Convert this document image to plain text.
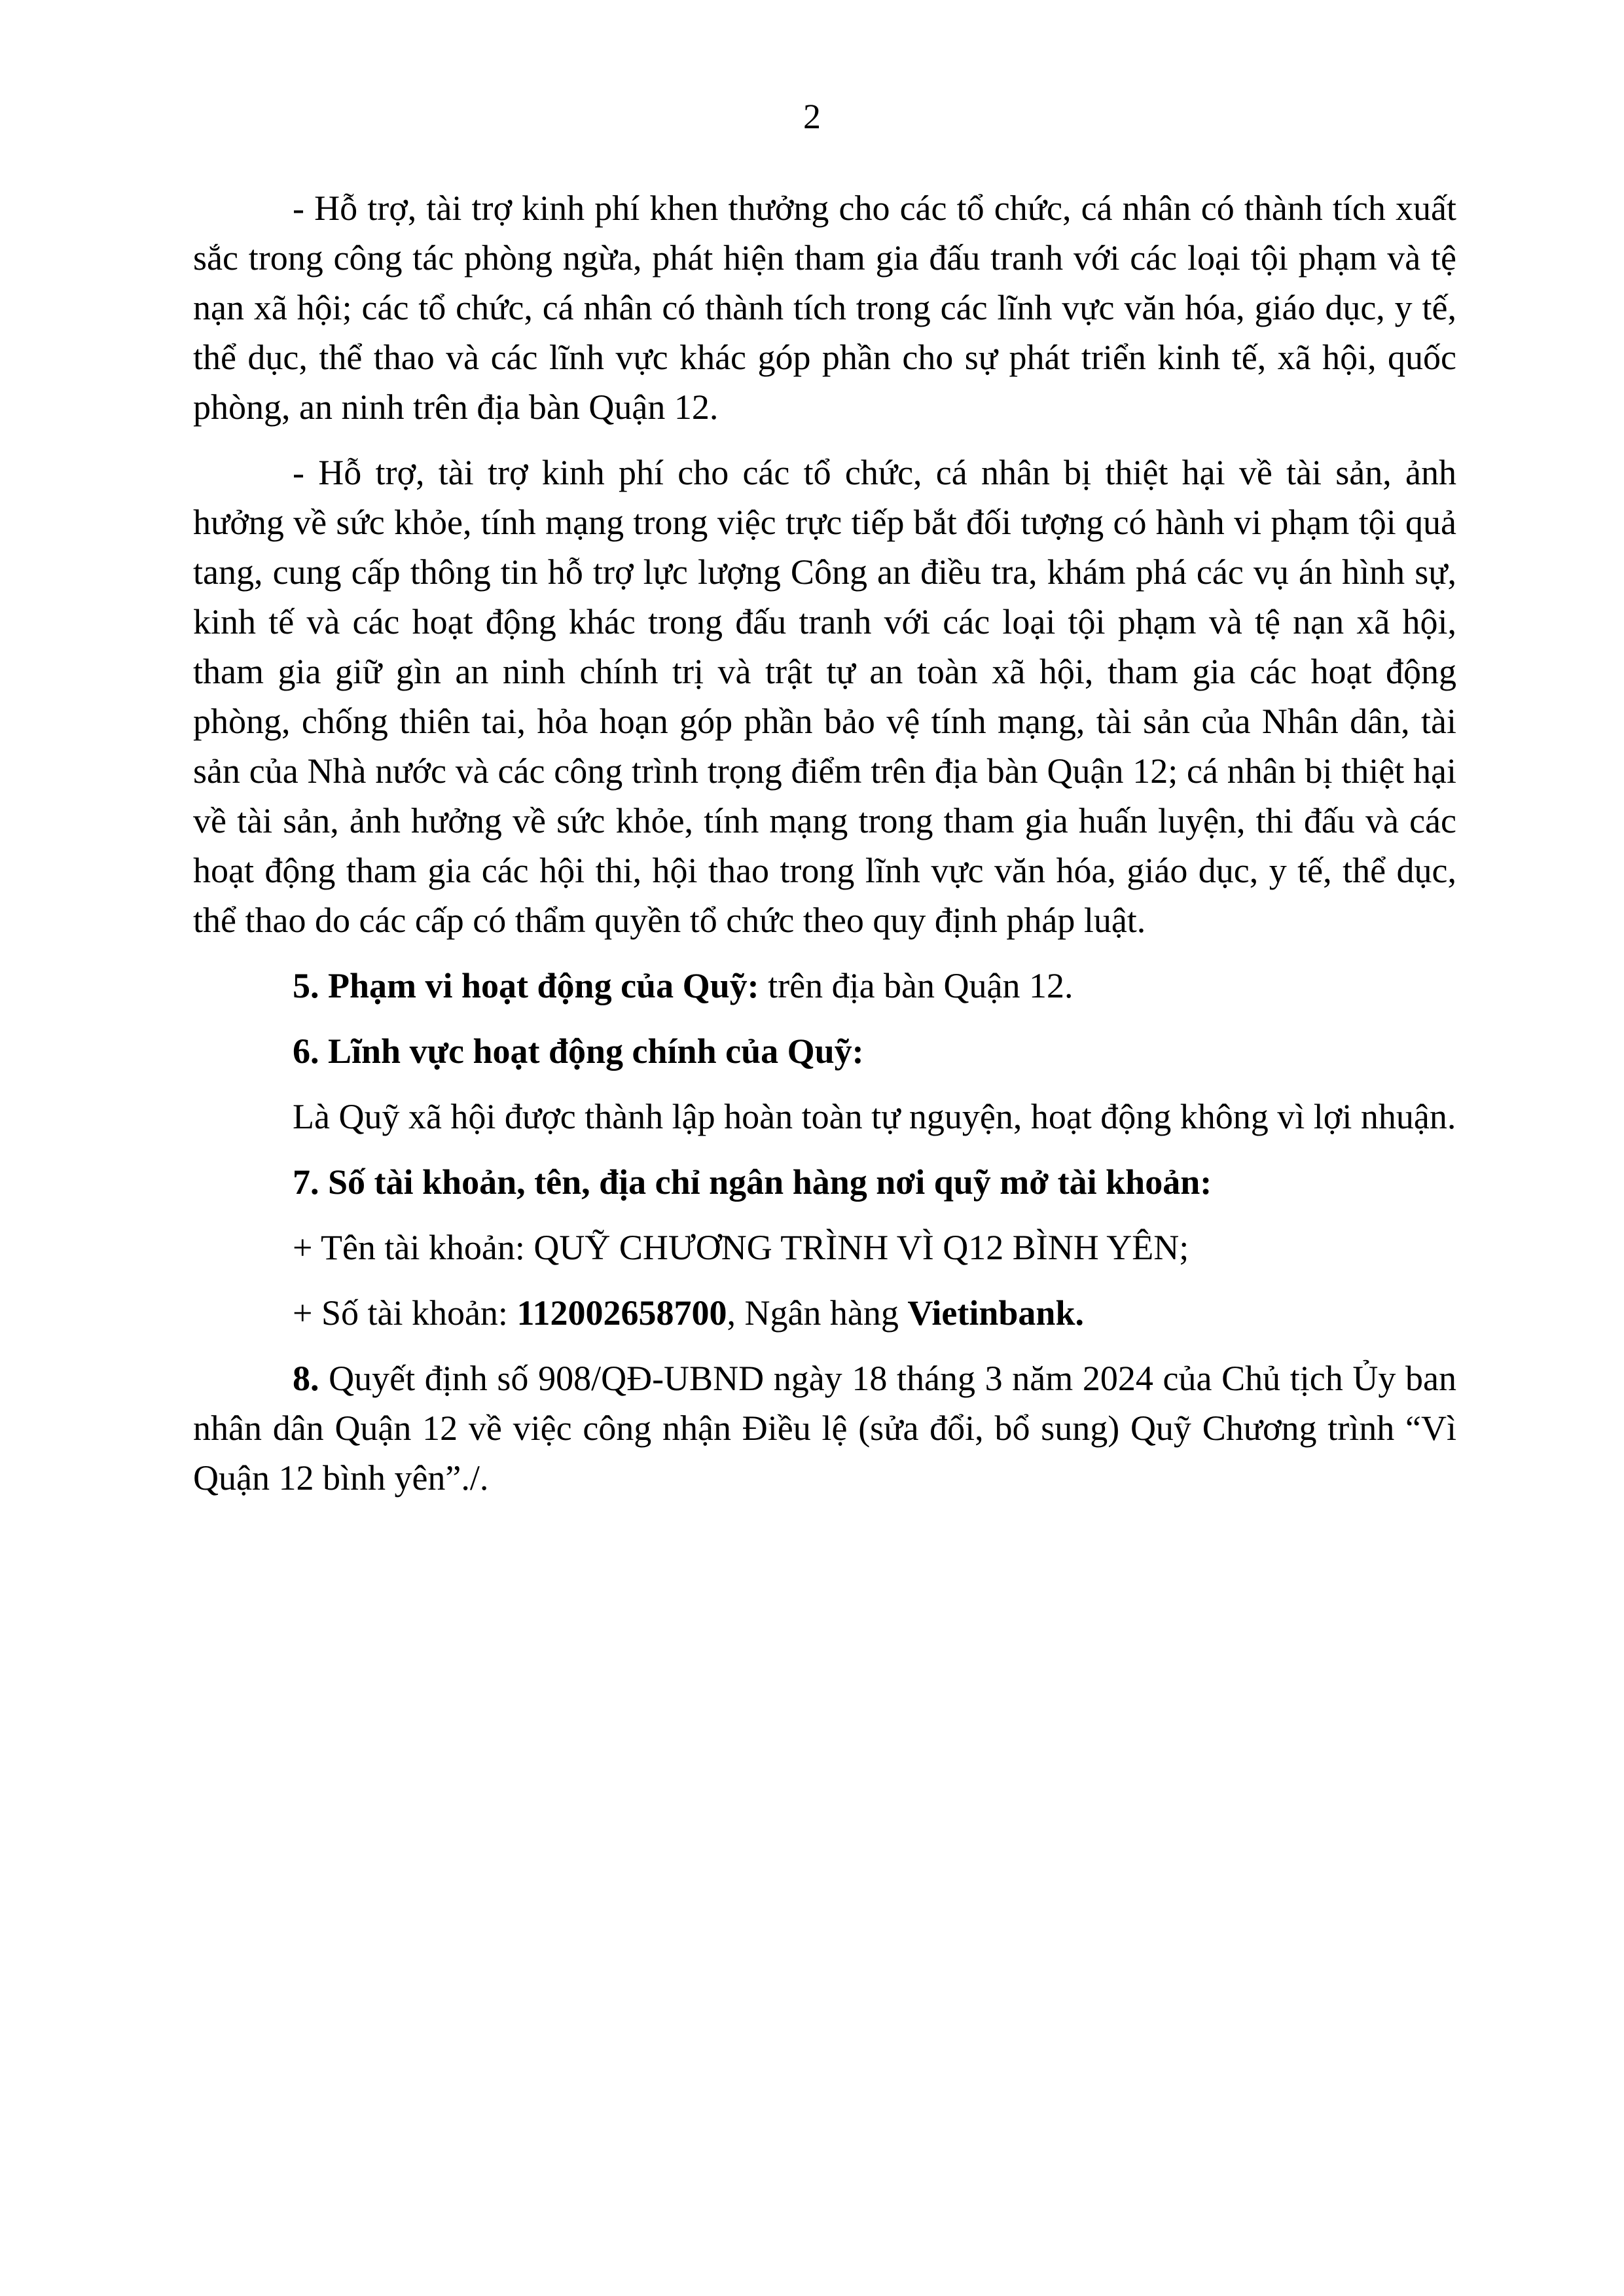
2

- Hỗ trợ, tài trợ kinh phí khen thưởng cho các tổ chức, cá nhân có thành tích xuất sắc trong công tác phòng ngừa, phát hiện tham gia đấu tranh với các loại tội phạm và tệ nạn xã hội; các tổ chức, cá nhân có thành tích trong các lĩnh vực văn hóa, giáo dục, y tế, thể dục, thể thao và các lĩnh vực khác góp phần cho sự phát triển kinh tế, xã hội, quốc phòng, an ninh trên địa bàn Quận 12.

- Hỗ trợ, tài trợ kinh phí cho các tổ chức, cá nhân bị thiệt hại về tài sản, ảnh hưởng về sức khỏe, tính mạng trong việc trực tiếp bắt đối tượng có hành vi phạm tội quả tang, cung cấp thông tin hỗ trợ lực lượng Công an điều tra, khám phá các vụ án hình sự, kinh tế và các hoạt động khác trong đấu tranh với các loại tội phạm và tệ nạn xã hội, tham gia giữ gìn an ninh chính trị và trật tự an toàn xã hội, tham gia các hoạt động phòng, chống thiên tai, hỏa hoạn góp phần bảo vệ tính mạng, tài sản của Nhân dân, tài sản của Nhà nước và các công trình trọng điểm trên địa bàn Quận 12; cá nhân bị thiệt hại về tài sản, ảnh hưởng về sức khỏe, tính mạng trong tham gia huấn luyện, thi đấu và các hoạt động tham gia các hội thi, hội thao trong lĩnh vực văn hóa, giáo dục, y tế, thể dục, thể thao do các cấp có thẩm quyền tổ chức theo quy định pháp luật.

5. Phạm vi hoạt động của Quỹ: trên địa bàn Quận 12.

6. Lĩnh vực hoạt động chính của Quỹ:

Là Quỹ xã hội được thành lập hoàn toàn tự nguyện, hoạt động không vì lợi nhuận.

7. Số tài khoản, tên, địa chỉ ngân hàng nơi quỹ mở tài khoản:

+ Tên tài khoản: QUỸ CHƯƠNG TRÌNH VÌ Q12 BÌNH YÊN;

+ Số tài khoản: 112002658700, Ngân hàng Vietinbank.

8. Quyết định số 908/QĐ-UBND ngày 18 tháng 3 năm 2024 của Chủ tịch Ủy ban nhân dân Quận 12 về việc công nhận Điều lệ (sửa đổi, bổ sung) Quỹ Chương trình “Vì Quận 12 bình yên”./.
